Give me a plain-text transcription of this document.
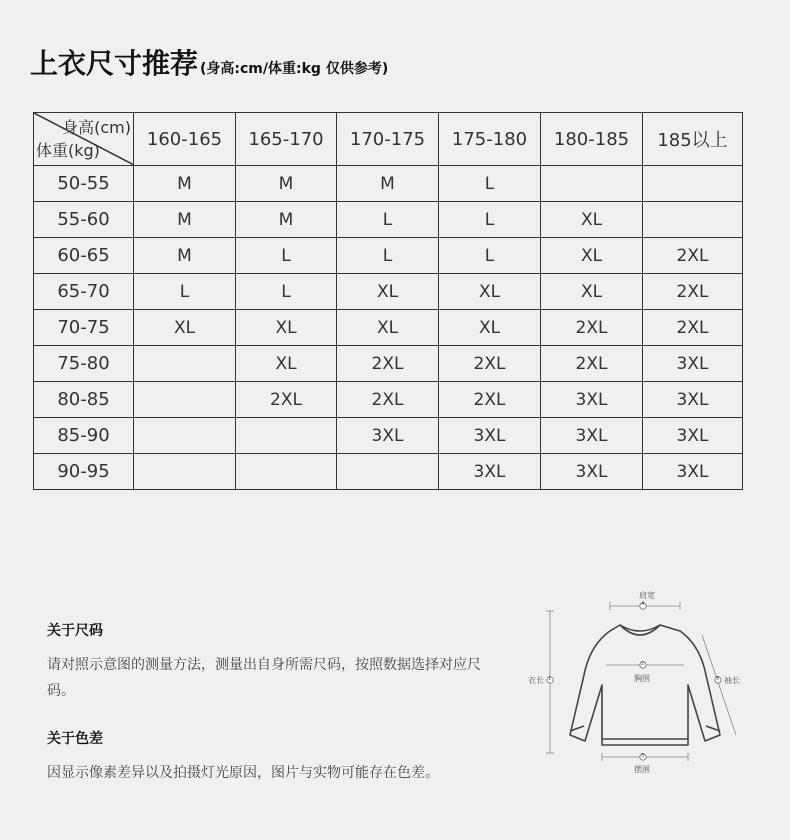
上衣尺寸推荐 (身高:cm/体重:kg 仅供参考)
身高(cm)
体重(kg)	160-165	165-170	170-175	175-180	180-185	185以上
50-55	M	M	M	L		
55-60	M	M	L	L	XL	
60-65	M	L	L	L	XL	2XL
65-70	L	L	XL	XL	XL	2XL
70-75	XL	XL	XL	XL	2XL	2XL
75-80		XL	2XL	2XL	2XL	3XL
80-85		2XL	2XL	2XL	3XL	3XL
85-90			3XL	3XL	3XL	3XL
90-95				3XL	3XL	3XL
关于尺码
请对照示意图的测量方法，测量出自身所需尺码，按照数据选择对应尺码。
关于色差
因显示像素差异以及拍摄灯光原因，图片与实物可能存在色差。
肩宽
4
衣长 1	胸围
2
袖长
5
摆围
3
